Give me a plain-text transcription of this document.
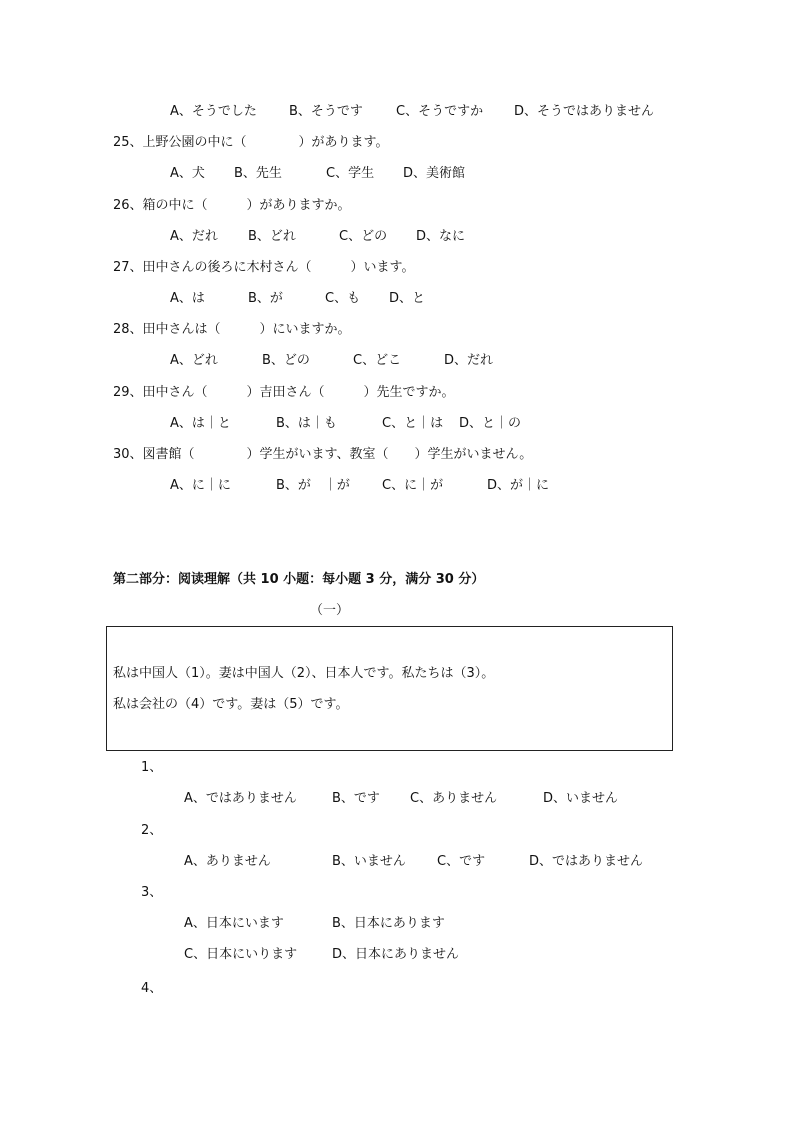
A、そうでした B、そうです	C、そうですか D、そうではありません
25、上野公園の中に（　　　　）があります。
A、犬 B、先生	C、学生 D、美術館
26、箱の中に（　　　）がありますか。
A、だれ B、どれ	C、どの D、なに
27、田中さんの後ろに木村さん（　　　）います。
A、は	B、が	C、も D、と
28、田中さんは（　　　）にいますか。
A、どれ	B、どの	C、どこ	D、だれ
29、田中さん（　　　）吉田さん（　　　）先生ですか。
A、は｜と	B、は｜も	C、と｜は D、と｜の
30、図書館（　　　　）学生がいます、教室（　　）学生がいません。
A、に｜に	B、が　｜が C、に｜が	D、が｜に
第二部分：阅读理解（共 10 小题：每小题 3 分，满分 30 分）
（一）
私は中国人（1）。妻は中国人（2）、日本人です。私たちは（3）。
私は会社の（4）です。妻は（5）です。
1、
A、ではありません	B、です C、ありません	D、いません
2、
A、ありません	B、いません C、です	D、ではありません
3、
A、日本にいます	B、日本にあります
C、日本にいります	D、日本にありません
4、
